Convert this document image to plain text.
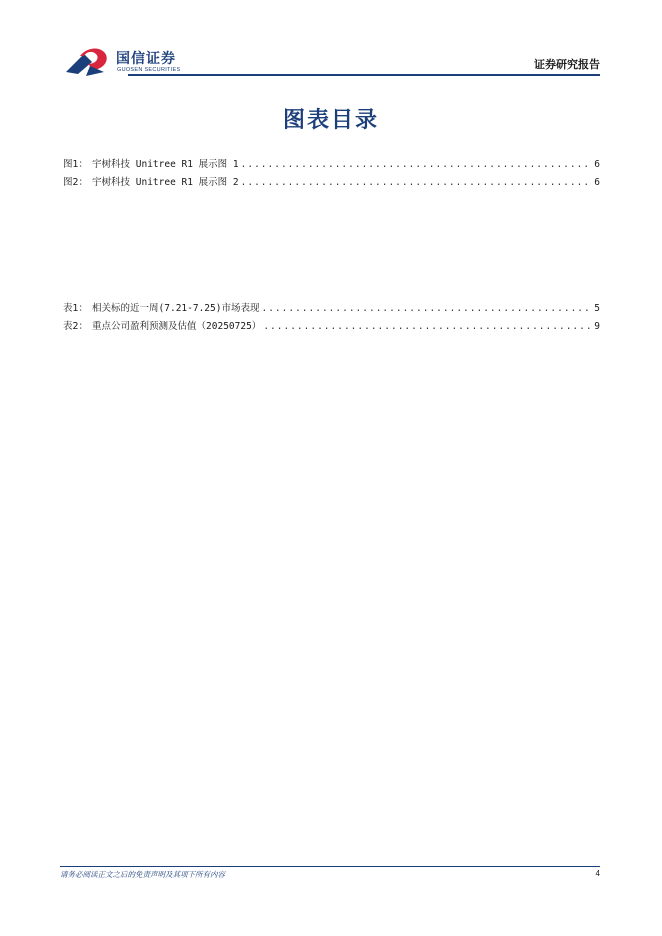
国信证券
GUOSEN SECURITIES	证券研究报告
图表目录
图1： 宇树科技 Unitree R1 展示图 1 .....	6
图2： 宇树科技 Unitree R1 展示图 2 .....	6
表1： 相关标的近一周(7.21-7.25)市场表现 .....	5
表2： 重点公司盈利预测及估值（20250725） .....	9
请务必阅读正文之后的免责声明及其项下所有内容	4
